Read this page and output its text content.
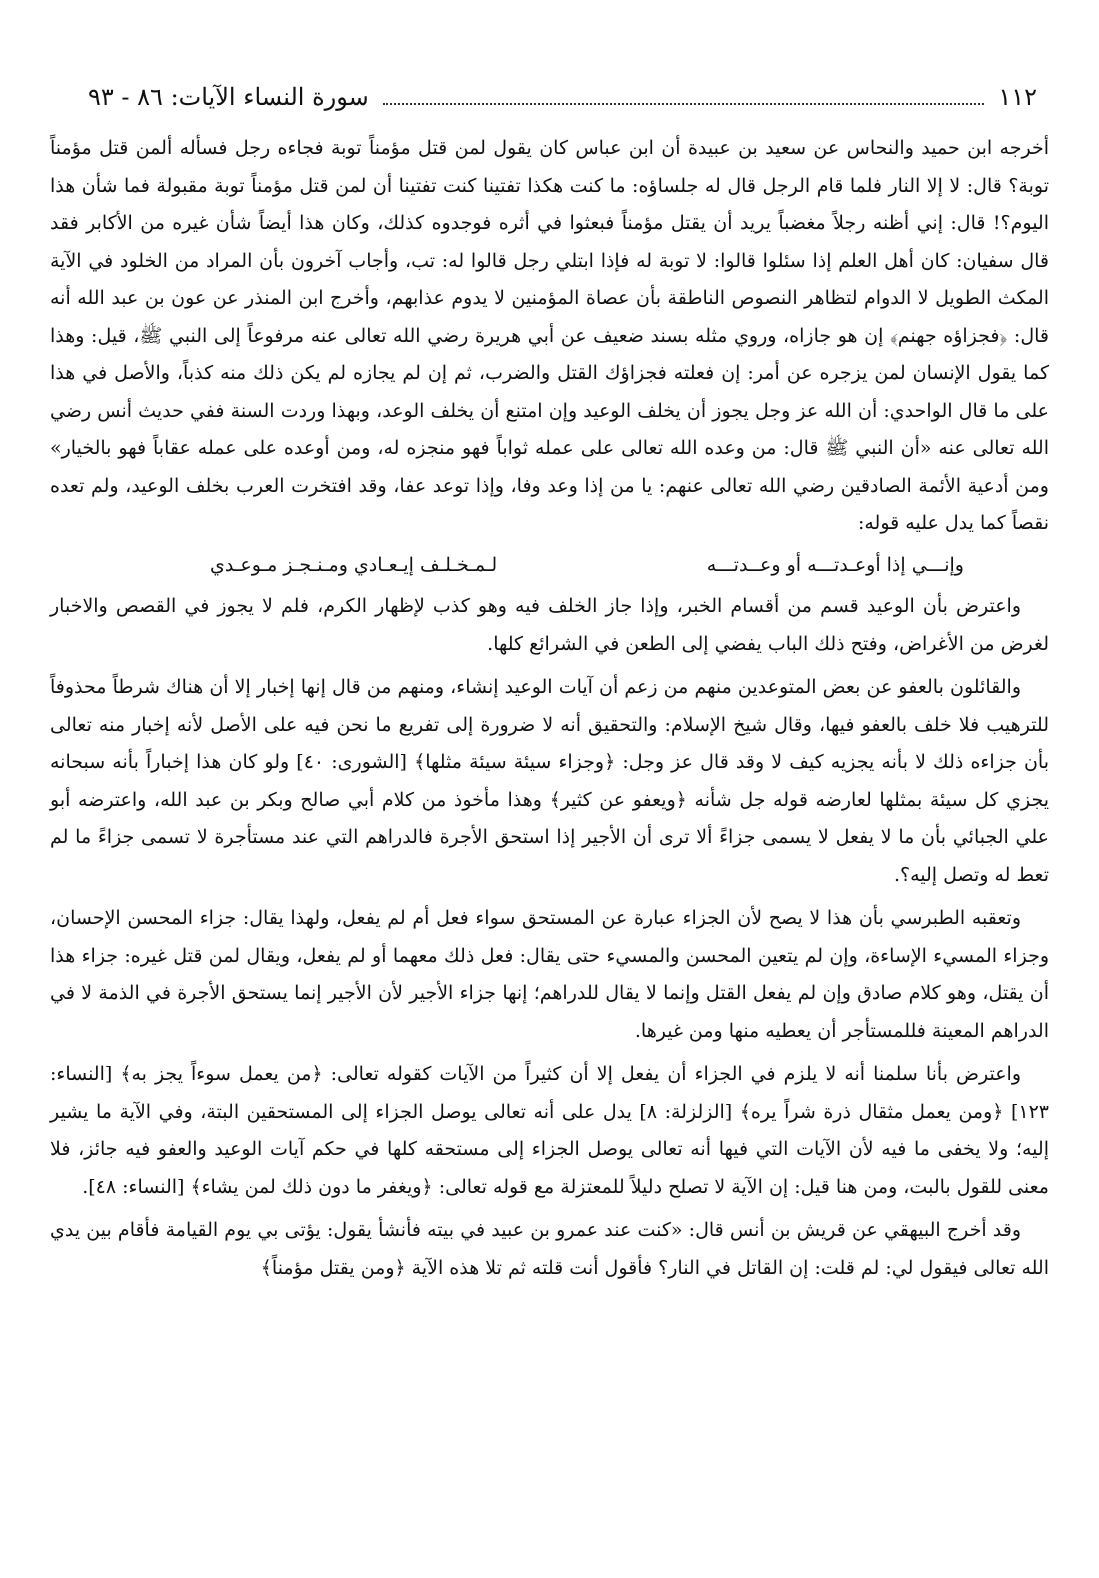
١١٢
سورة النساء الآيات: ٨٦ - ٩٣

أخرجه ابن حميد والنحاس عن سعيد بن عبيدة أن ابن عباس كان يقول لمن قتل مؤمناً توبة فجاءه رجل فسأله ألمن قتل مؤمناً توبة؟ قال: لا إلا النار فلما قام الرجل قال له جلساؤه: ما كنت هكذا تفتينا كنت تفتينا أن لمن قتل مؤمناً توبة مقبولة فما شأن هذا اليوم؟! قال: إني أظنه رجلاً مغضباً يريد أن يقتل مؤمناً فبعثوا في أثره فوجدوه كذلك، وكان هذا أيضاً شأن غيره من الأكابر فقد قال سفيان: كان أهل العلم إذا سئلوا قالوا: لا توبة له فإذا ابتلي رجل قالوا له: تب، وأجاب آخرون بأن المراد من الخلود في الآية المكث الطويل لا الدوام لتظاهر النصوص الناطقة بأن عصاة المؤمنين لا يدوم عذابهم، وأخرج ابن المنذر عن عون بن عبد الله أنه قال: ﴿فجزاؤه جهنم﴾ إن هو جازاه، وروي مثله بسند ضعيف عن أبي هريرة رضي الله تعالى عنه مرفوعاً إلى النبي ﷺ، قيل: وهذا كما يقول الإنسان لمن يزجره عن أمر: إن فعلته فجزاؤك القتل والضرب، ثم إن لم يجازه لم يكن ذلك منه كذباً، والأصل في هذا على ما قال الواحدي: أن الله عز وجل يجوز أن يخلف الوعيد وإن امتنع أن يخلف الوعد، وبهذا وردت السنة ففي حديث أنس رضي الله تعالى عنه «أن النبي ﷺ قال: من وعده الله تعالى على عمله ثواباً فهو منجزه له، ومن أوعده على عمله عقاباً فهو بالخيار» ومن أدعية الأئمة الصادقين رضي الله تعالى عنهم: يا من إذا وعد وفا، وإذا توعد عفا، وقد افتخرت العرب بخلف الوعيد، ولم تعده نقصاً كما يدل عليه قوله:

وإنـــي إذا أوعـدتـــه أو وعــدتـــه
لـمـخـلـف إيـعـادي ومـنـجـز مـوعـدي

واعترض بأن الوعيد قسم من أقسام الخبر، وإذا جاز الخلف فيه وهو كذب لإظهار الكرم، فلم لا يجوز في القصص والاخبار لغرض من الأغراض، وفتح ذلك الباب يفضي إلى الطعن في الشرائع كلها.

والقائلون بالعفو عن بعض المتوعدين منهم من زعم أن آيات الوعيد إنشاء، ومنهم من قال إنها إخبار إلا أن هناك شرطاً محذوفاً للترهيب فلا خلف بالعفو فيها، وقال شيخ الإسلام: والتحقيق أنه لا ضرورة إلى تفريع ما نحن فيه على الأصل لأنه إخبار منه تعالى بأن جزاءه ذلك لا بأنه يجزيه كيف لا وقد قال عز وجل: ﴿وجزاء سيئة سيئة مثلها﴾ [الشورى: ٤٠] ولو كان هذا إخباراً بأنه سبحانه يجزي كل سيئة بمثلها لعارضه قوله جل شأنه ﴿ويعفو عن كثير﴾ وهذا مأخوذ من كلام أبي صالح وبكر بن عبد الله، واعترضه أبو علي الجبائي بأن ما لا يفعل لا يسمى جزاءً ألا ترى أن الأجير إذا استحق الأجرة فالدراهم التي عند مستأجرة لا تسمى جزاءً ما لم تعط له وتصل إليه؟.

وتعقبه الطبرسي بأن هذا لا يصح لأن الجزاء عبارة عن المستحق سواء فعل أم لم يفعل، ولهذا يقال: جزاء المحسن الإحسان، وجزاء المسيء الإساءة، وإن لم يتعين المحسن والمسيء حتى يقال: فعل ذلك معهما أو لم يفعل، ويقال لمن قتل غيره: جزاء هذا أن يقتل، وهو كلام صادق وإن لم يفعل القتل وإنما لا يقال للدراهم؛ إنها جزاء الأجير لأن الأجير إنما يستحق الأجرة في الذمة لا في الدراهم المعينة فللمستأجر أن يعطيه منها ومن غيرها.

واعترض بأنا سلمنا أنه لا يلزم في الجزاء أن يفعل إلا أن كثيراً من الآيات كقوله تعالى: ﴿من يعمل سوءاً يجز به﴾ [النساء: ١٢٣] ﴿ومن يعمل مثقال ذرة شراً يره﴾ [الزلزلة: ٨] يدل على أنه تعالى يوصل الجزاء إلى المستحقين البتة، وفي الآية ما يشير إليه؛ ولا يخفى ما فيه لأن الآيات التي فيها أنه تعالى يوصل الجزاء إلى مستحقه كلها في حكم آيات الوعيد والعفو فيه جائز، فلا معنى للقول بالبت، ومن هنا قيل: إن الآية لا تصلح دليلاً للمعتزلة مع قوله تعالى: ﴿ويغفر ما دون ذلك لمن يشاء﴾ [النساء: ٤٨].

وقد أخرج البيهقي عن قريش بن أنس قال: «كنت عند عمرو بن عبيد في بيته فأنشأ يقول: يؤتى بي يوم القيامة فأقام بين يدي الله تعالى فيقول لي: لم قلت: إن القاتل في النار؟ فأقول أنت قلته ثم تلا هذه الآية ﴿ومن يقتل مؤمناً﴾
